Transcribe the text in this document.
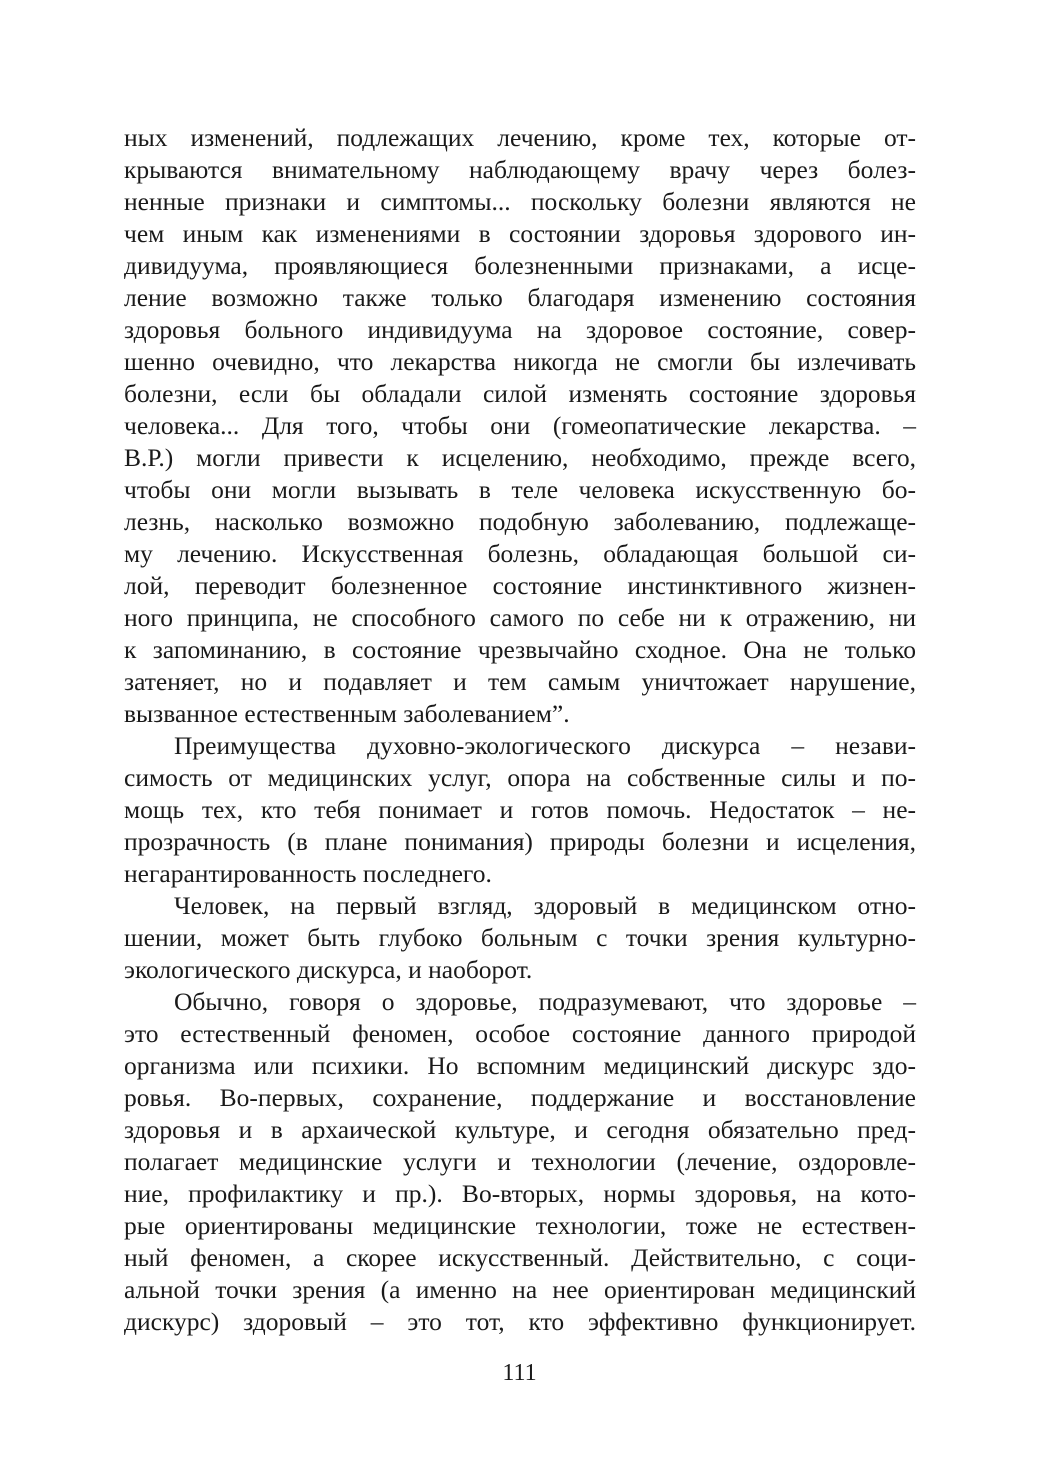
ных изменений, подлежащих лечению, кроме тех, которые от-
крываются внимательному наблюдающему врачу через болез-
ненные признаки и симптомы... поскольку болезни являются не
чем иным как изменениями в состоянии здоровья здорового ин-
дивидуума, проявляющиеся болезненными признаками, а исце-
ление возможно также только благодаря изменению состояния
здоровья больного индивидуума на здоровое состояние, совер-
шенно очевидно, что лекарства никогда не смогли бы излечивать
болезни, если бы обладали силой изменять состояние здоровья
человека... Для того, чтобы они (гомеопатические лекарства. –
В.Р.) могли привести к исцелению, необходимо, прежде всего,
чтобы они могли вызывать в теле человека искусственную бо-
лезнь, насколько возможно подобную заболеванию, подлежаще-
му лечению. Искусственная болезнь, обладающая большой си-
лой, переводит болезненное состояние инстинктивного жизнен-
ного принципа, не способного самого по себе ни к отражению, ни
к запоминанию, в состояние чрезвычайно сходное. Она не только
затеняет, но и подавляет и тем самым уничтожает нарушение,
вызванное естественным заболеванием”.
Преимущества духовно-экологического дискурса – незави-
симость от медицинских услуг, опора на собственные силы и по-
мощь тех, кто тебя понимает и готов помочь. Недостаток – не-
прозрачность (в плане понимания) природы болезни и исцеления,
негарантированность последнего.
Человек, на первый взгляд, здоровый в медицинском отно-
шении, может быть глубоко больным с точки зрения культурно-
экологического дискурса, и наоборот.
Обычно, говоря о здоровье, подразумевают, что здоровье –
это естественный феномен, особое состояние данного природой
организма или психики. Но вспомним медицинский дискурс здо-
ровья. Во-первых, сохранение, поддержание и восстановление
здоровья и в архаической культуре, и сегодня обязательно пред-
полагает медицинские услуги и технологии (лечение, оздоровле-
ние, профилактику и пр.). Во-вторых, нормы здоровья, на кото-
рые ориентированы медицинские технологии, тоже не естествен-
ный феномен, а скорее искусственный. Действительно, с соци-
альной точки зрения (а именно на нее ориентирован медицинский
дискурс) здоровый – это тот, кто эффективно функционирует.
111
